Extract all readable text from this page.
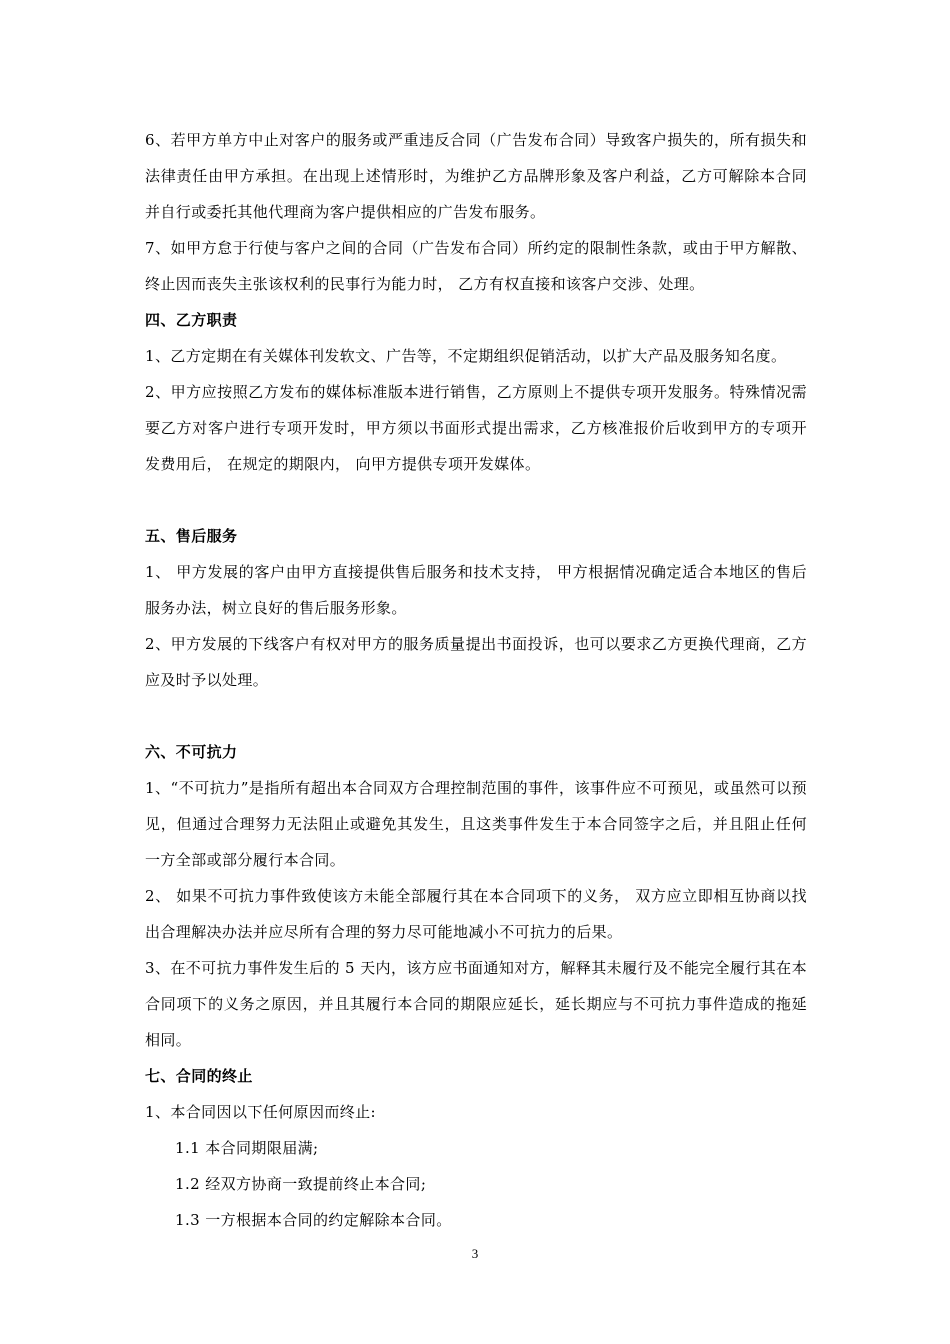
6、若甲方单方中止对客户的服务或严重违反合同（广告发布合同）导致客户损失的，所有损失和法律责任由甲方承担。在出现上述情形时，为维护乙方品牌形象及客户利益，乙方可解除本合同并自行或委托其他代理商为客户提供相应的广告发布服务。

7、如甲方怠于行使与客户之间的合同（广告发布合同）所约定的限制性条款，或由于甲方解散、终止因而丧失主张该权利的民事行为能力时， 乙方有权直接和该客户交涉、处理。

四、乙方职责

1、乙方定期在有关媒体刊发软文、广告等，不定期组织促销活动，以扩大产品及服务知名度。

2、甲方应按照乙方发布的媒体标准版本进行销售，乙方原则上不提供专项开发服务。特殊情况需要乙方对客户进行专项开发时，甲方须以书面形式提出需求，乙方核准报价后收到甲方的专项开发费用后， 在规定的期限内， 向甲方提供专项开发媒体。

五、售后服务

1、 甲方发展的客户由甲方直接提供售后服务和技术支持， 甲方根据情况确定适合本地区的售后服务办法，树立良好的售后服务形象。

2、甲方发展的下线客户有权对甲方的服务质量提出书面投诉，也可以要求乙方更换代理商，乙方应及时予以处理。

六、不可抗力

1、“不可抗力”是指所有超出本合同双方合理控制范围的事件，该事件应不可预见，或虽然可以预见，但通过合理努力无法阻止或避免其发生，且这类事件发生于本合同签字之后，并且阻止任何一方全部或部分履行本合同。

2、 如果不可抗力事件致使该方未能全部履行其在本合同项下的义务， 双方应立即相互协商以找出合理解决办法并应尽所有合理的努力尽可能地减小不可抗力的后果。

3、在不可抗力事件发生后的 5 天内，该方应书面通知对方，解释其未履行及不能完全履行其在本合同项下的义务之原因，并且其履行本合同的期限应延长，延长期应与不可抗力事件造成的拖延相同。

七、合同的终止

1、本合同因以下任何原因而终止:

1.1 本合同期限届满;

1.2 经双方协商一致提前终止本合同;

1.3 一方根据本合同的约定解除本合同。

3
